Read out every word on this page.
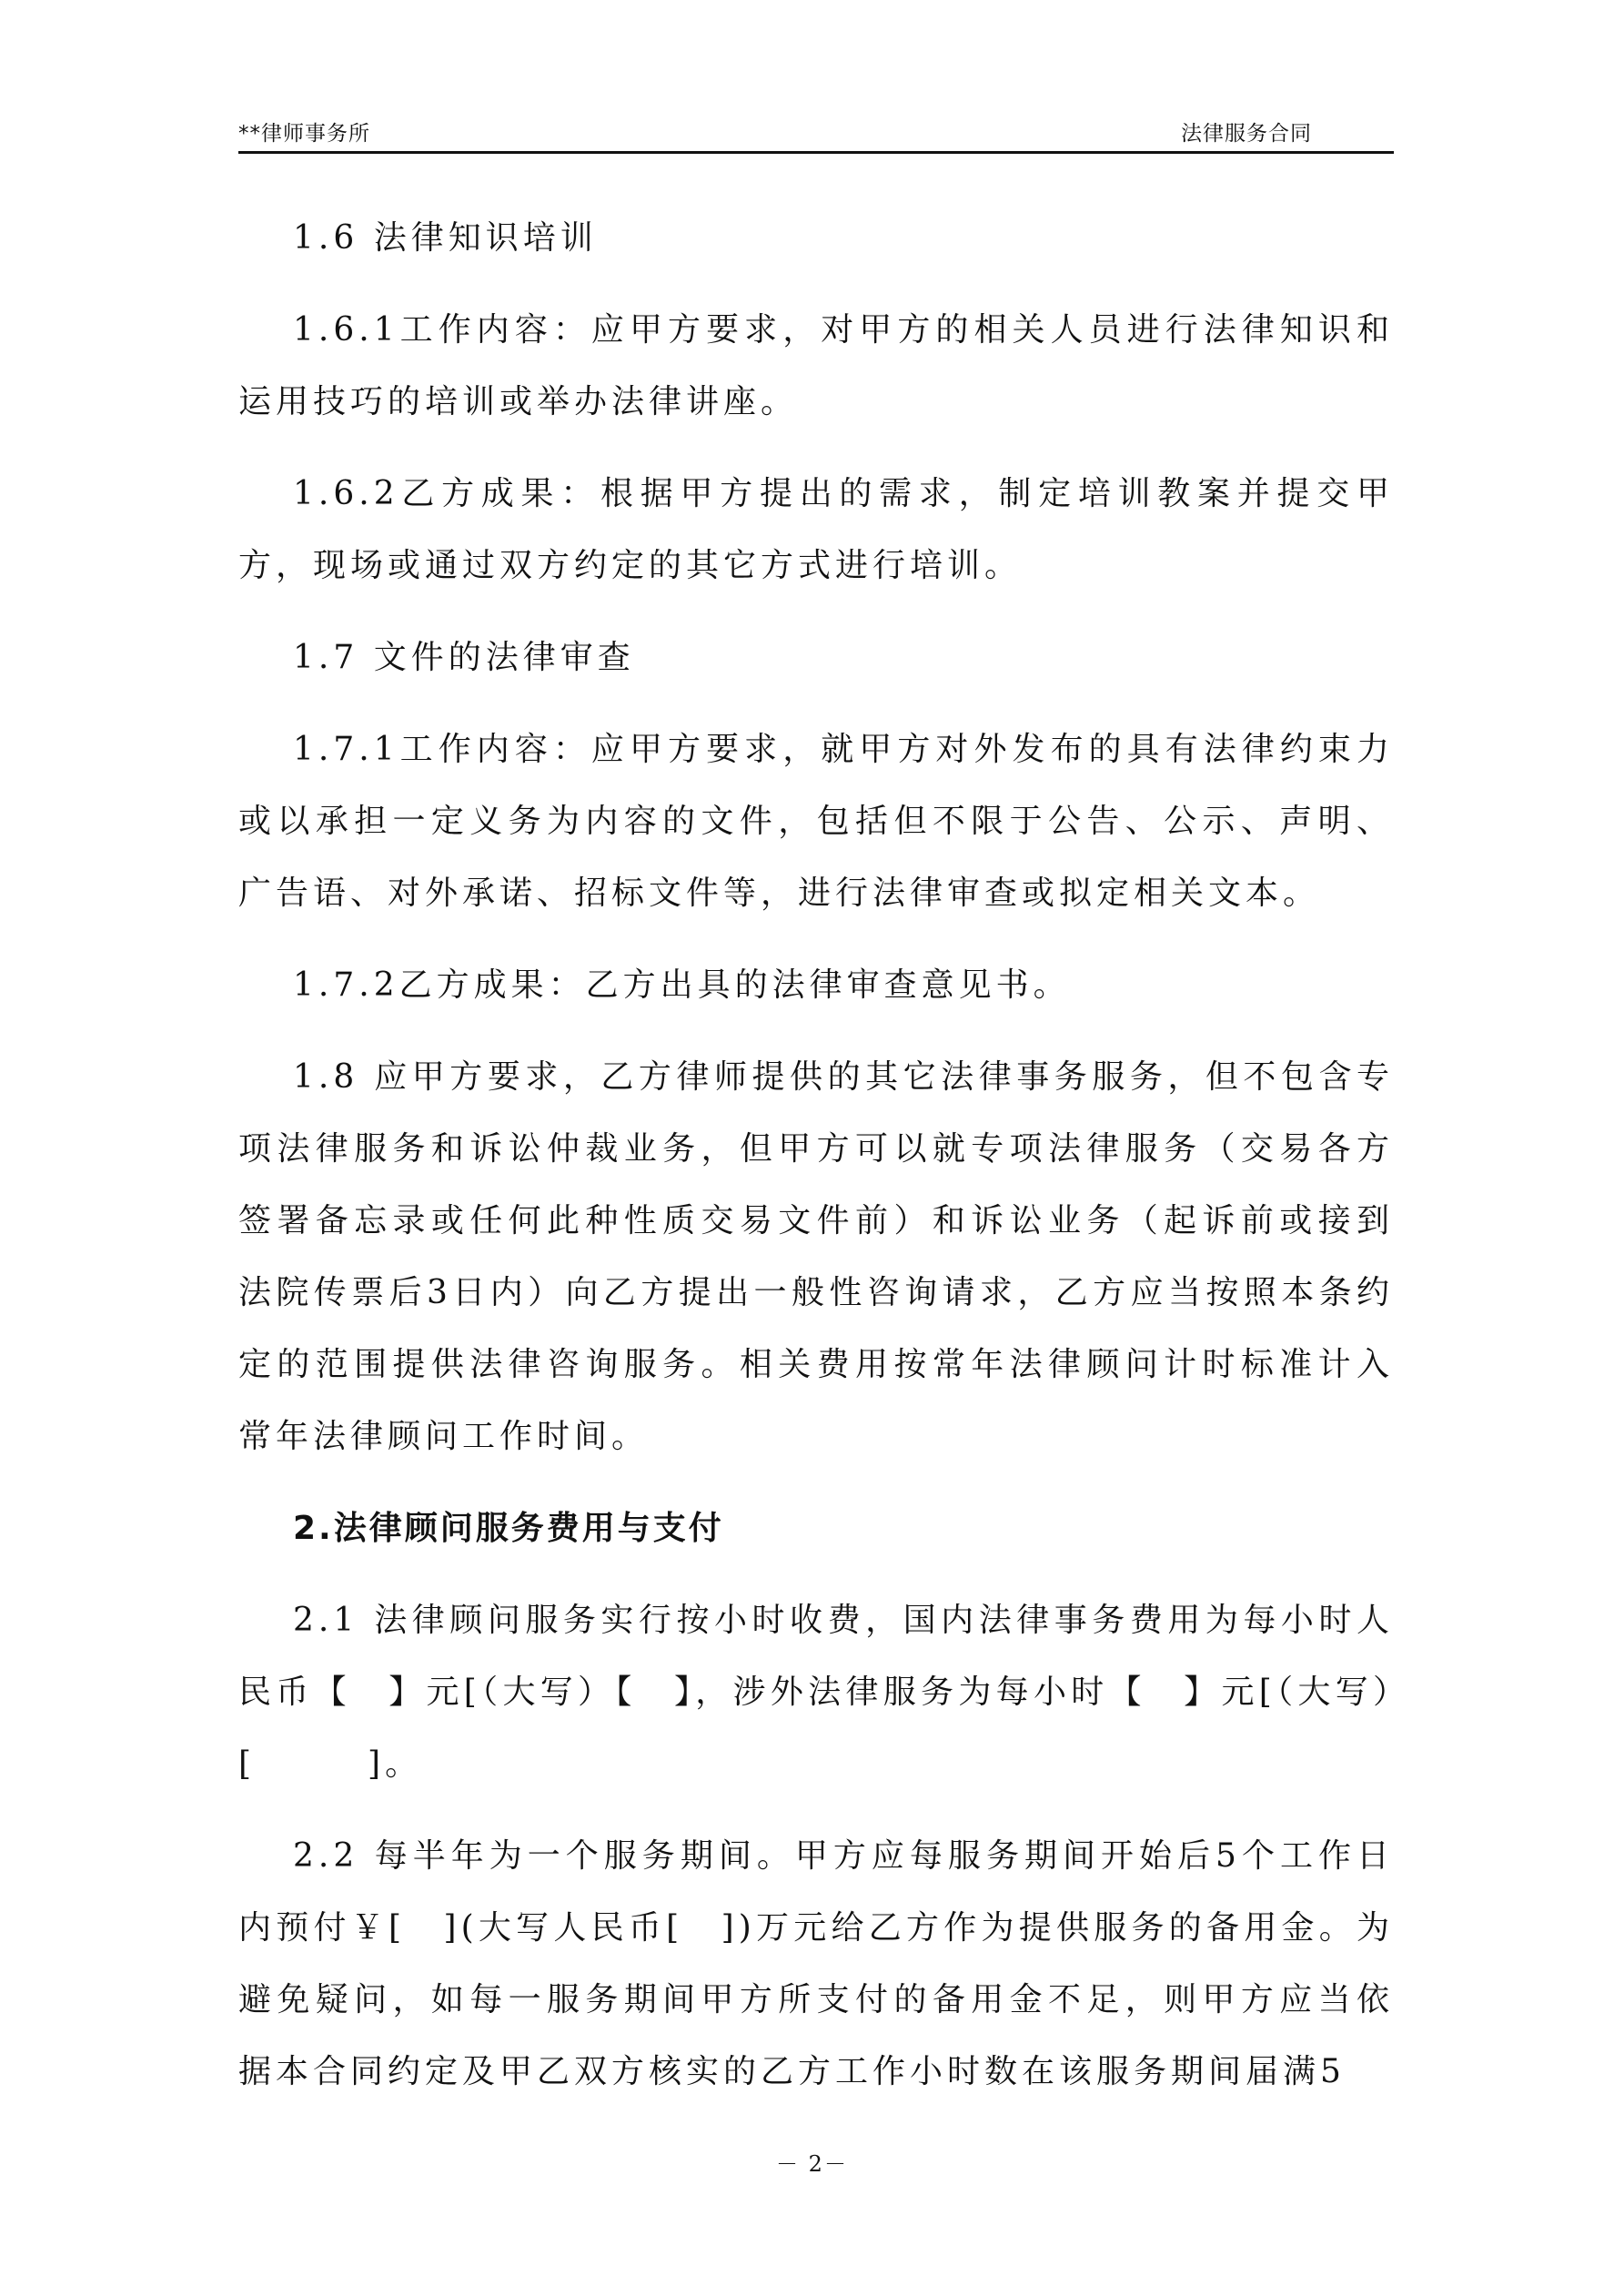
**律师事务所	法律服务合同

1.6 法律知识培训

1.6.1工作内容：应甲方要求，对甲方的相关人员进行法律知识和运用技巧的培训或举办法律讲座。

1.6.2乙方成果：根据甲方提出的需求，制定培训教案并提交甲方，现场或通过双方约定的其它方式进行培训。

1.7 文件的法律审查

1.7.1工作内容：应甲方要求，就甲方对外发布的具有法律约束力或以承担一定义务为内容的文件，包括但不限于公告、公示、声明、广告语、对外承诺、招标文件等，进行法律审查或拟定相关文本。

1.7.2乙方成果：乙方出具的法律审查意见书。

1.8 应甲方要求，乙方律师提供的其它法律事务服务，但不包含专项法律服务和诉讼仲裁业务，但甲方可以就专项法律服务（交易各方签署备忘录或任何此种性质交易文件前）和诉讼业务（起诉前或接到法院传票后3日内）向乙方提出一般性咨询请求，乙方应当按照本条约定的范围提供法律咨询服务。相关费用按常年法律顾问计时标准计入常年法律顾问工作时间。

2.法律顾问服务费用与支付

2.1 法律顾问服务实行按小时收费，国内法律事务费用为每小时人民币【　】元[（大写）【　】，涉外法律服务为每小时【　】元[（大写）[　　　]。

2.2 每半年为一个服务期间。甲方应每服务期间开始后5个工作日内预付￥[　](大写人民币[　])万元给乙方作为提供服务的备用金。为避免疑问，如每一服务期间甲方所支付的备用金不足，则甲方应当依据本合同约定及甲乙双方核实的乙方工作小时数在该服务期间届满5

－ 2－
